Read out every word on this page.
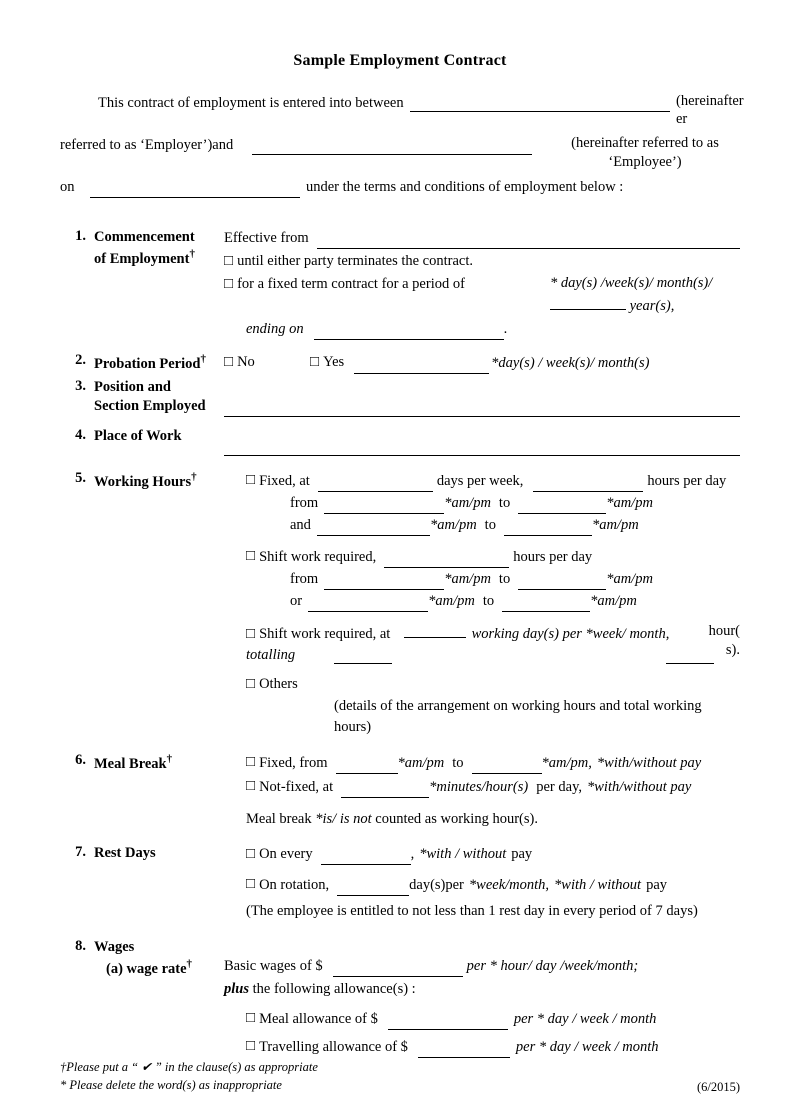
Sample Employment Contract
This contract of employment is entered into between	(hereinafter
er
referred to as ‘Employer’)and	(hereinafter referred to as
‘Employee’)
on	under the terms and conditions of employment below :
1. Commencement
of Employment†
Effective from
□ until either party terminates the contract.
□ for a fixed term contract for a period of	* day(s) /week(s)/ month(s)/
year(s),
ending on	.
2. Probation Period† □	No □	Yes	*day(s) / week(s)/ month(s)
3. Position and
Section Employed
4. Place of Work
5. Working Hours†
□	Fixed, at	days per week,	hours per day
from	*am/pm to	*am/pm
and	*am/pm to	*am/pm
□
Shift work required,	hours per day
from	*am/pm to	*am/pm
or	*am/pm to	*am/pm
□ Shift work required, at	working day(s) per *week/ month, totalling
hour(
s).
□ Others
(details of the arrangement on working hours and total working hours)
6. Meal Break†
□	Fixed, from	*am/pm to	*am/pm, *with/without pay
□
Not-fixed, at	*minutes/hour(s) per day, *with/without pay
Meal break *is/ is not counted as working hour(s).
7. Rest Days □	On every	, *with / without pay
□
On rotation,	day(s)per *week/month, *with / without pay
(The employee is entitled to not less than 1 rest day in every period of 7 days)
8. Wages
(a) wage rate†	Basic wages of $	per * hour/ day /week/month;
plus the following allowance(s) :
□
Meal allowance of $	per * day / week / month
□
Travelling allowance of $	per * day / week / month
†Please put a “ ✔ ” in the clause(s) as appropriate
* Please delete the word(s) as inappropriate	(6/2015)
